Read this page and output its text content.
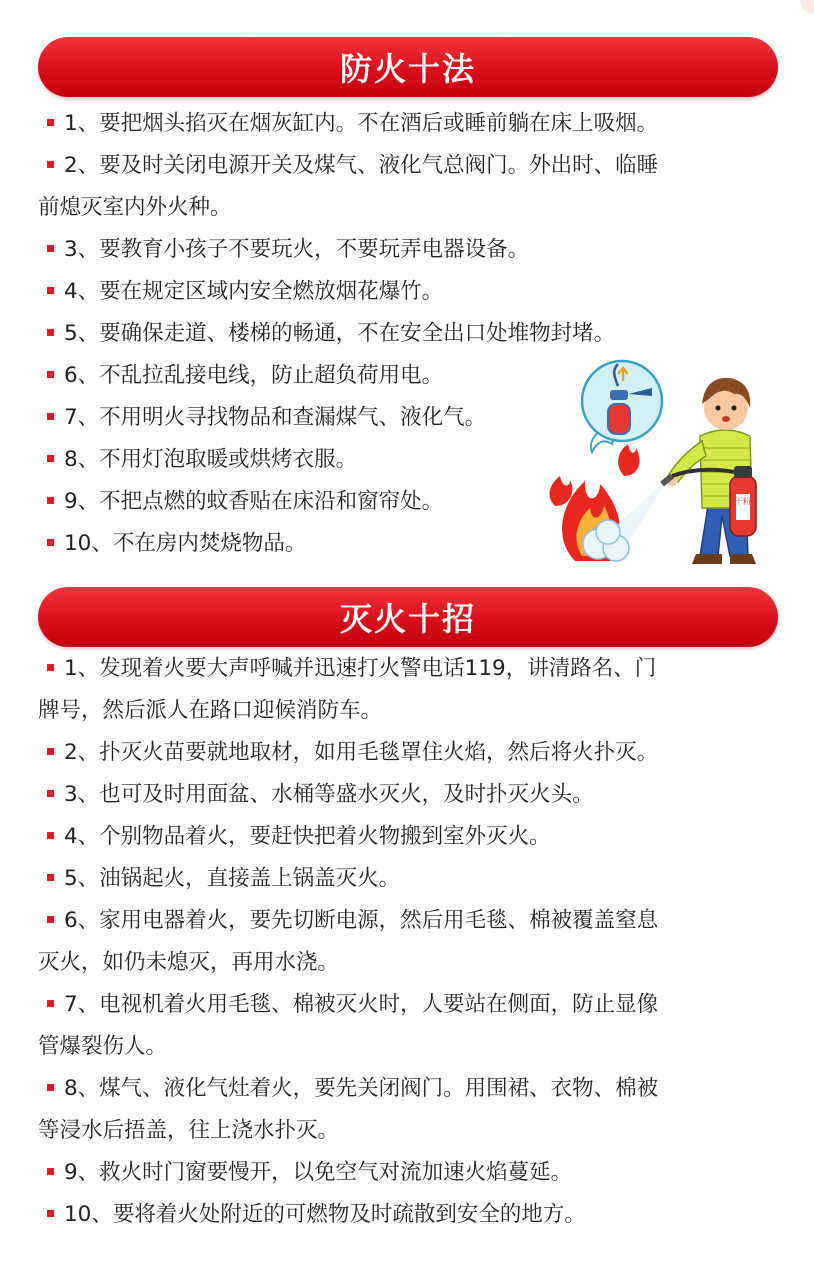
防火十法
1、要把烟头掐灭在烟灰缸内。不在酒后或睡前躺在床上吸烟。
2、要及时关闭电源开关及煤气、液化气总阀门。外出时、临睡
前熄灭室内外火种。
3、要教育小孩子不要玩火，不要玩弄电器设备。
4、要在规定区域内安全燃放烟花爆竹。
5、要确保走道、楼梯的畅通，不在安全出口处堆物封堵。
6、不乱拉乱接电线，防止超负荷用电。
7、不用明火寻找物品和查漏煤气、液化气。
8、不用灯泡取暖或烘烤衣服。
9、不把点燃的蚊香贴在床沿和窗帘处。
10、不在房内焚烧物品。
干粉
灭火十招
1、发现着火要大声呼喊并迅速打火警电话119，讲清路名、门
牌号，然后派人在路口迎候消防车。
2、扑灭火苗要就地取材，如用毛毯罩住火焰，然后将火扑灭。
3、也可及时用面盆、水桶等盛水灭火，及时扑灭火头。
4、个别物品着火，要赶快把着火物搬到室外灭火。
5、油锅起火，直接盖上锅盖灭火。
6、家用电器着火，要先切断电源，然后用毛毯、棉被覆盖窒息
灭火，如仍未熄灭，再用水浇。
7、电视机着火用毛毯、棉被灭火时，人要站在侧面，防止显像
管爆裂伤人。
8、煤气、液化气灶着火，要先关闭阀门。用围裙、衣物、棉被
等浸水后捂盖，往上浇水扑灭。
9、救火时门窗要慢开，以免空气对流加速火焰蔓延。
10、要将着火处附近的可燃物及时疏散到安全的地方。
